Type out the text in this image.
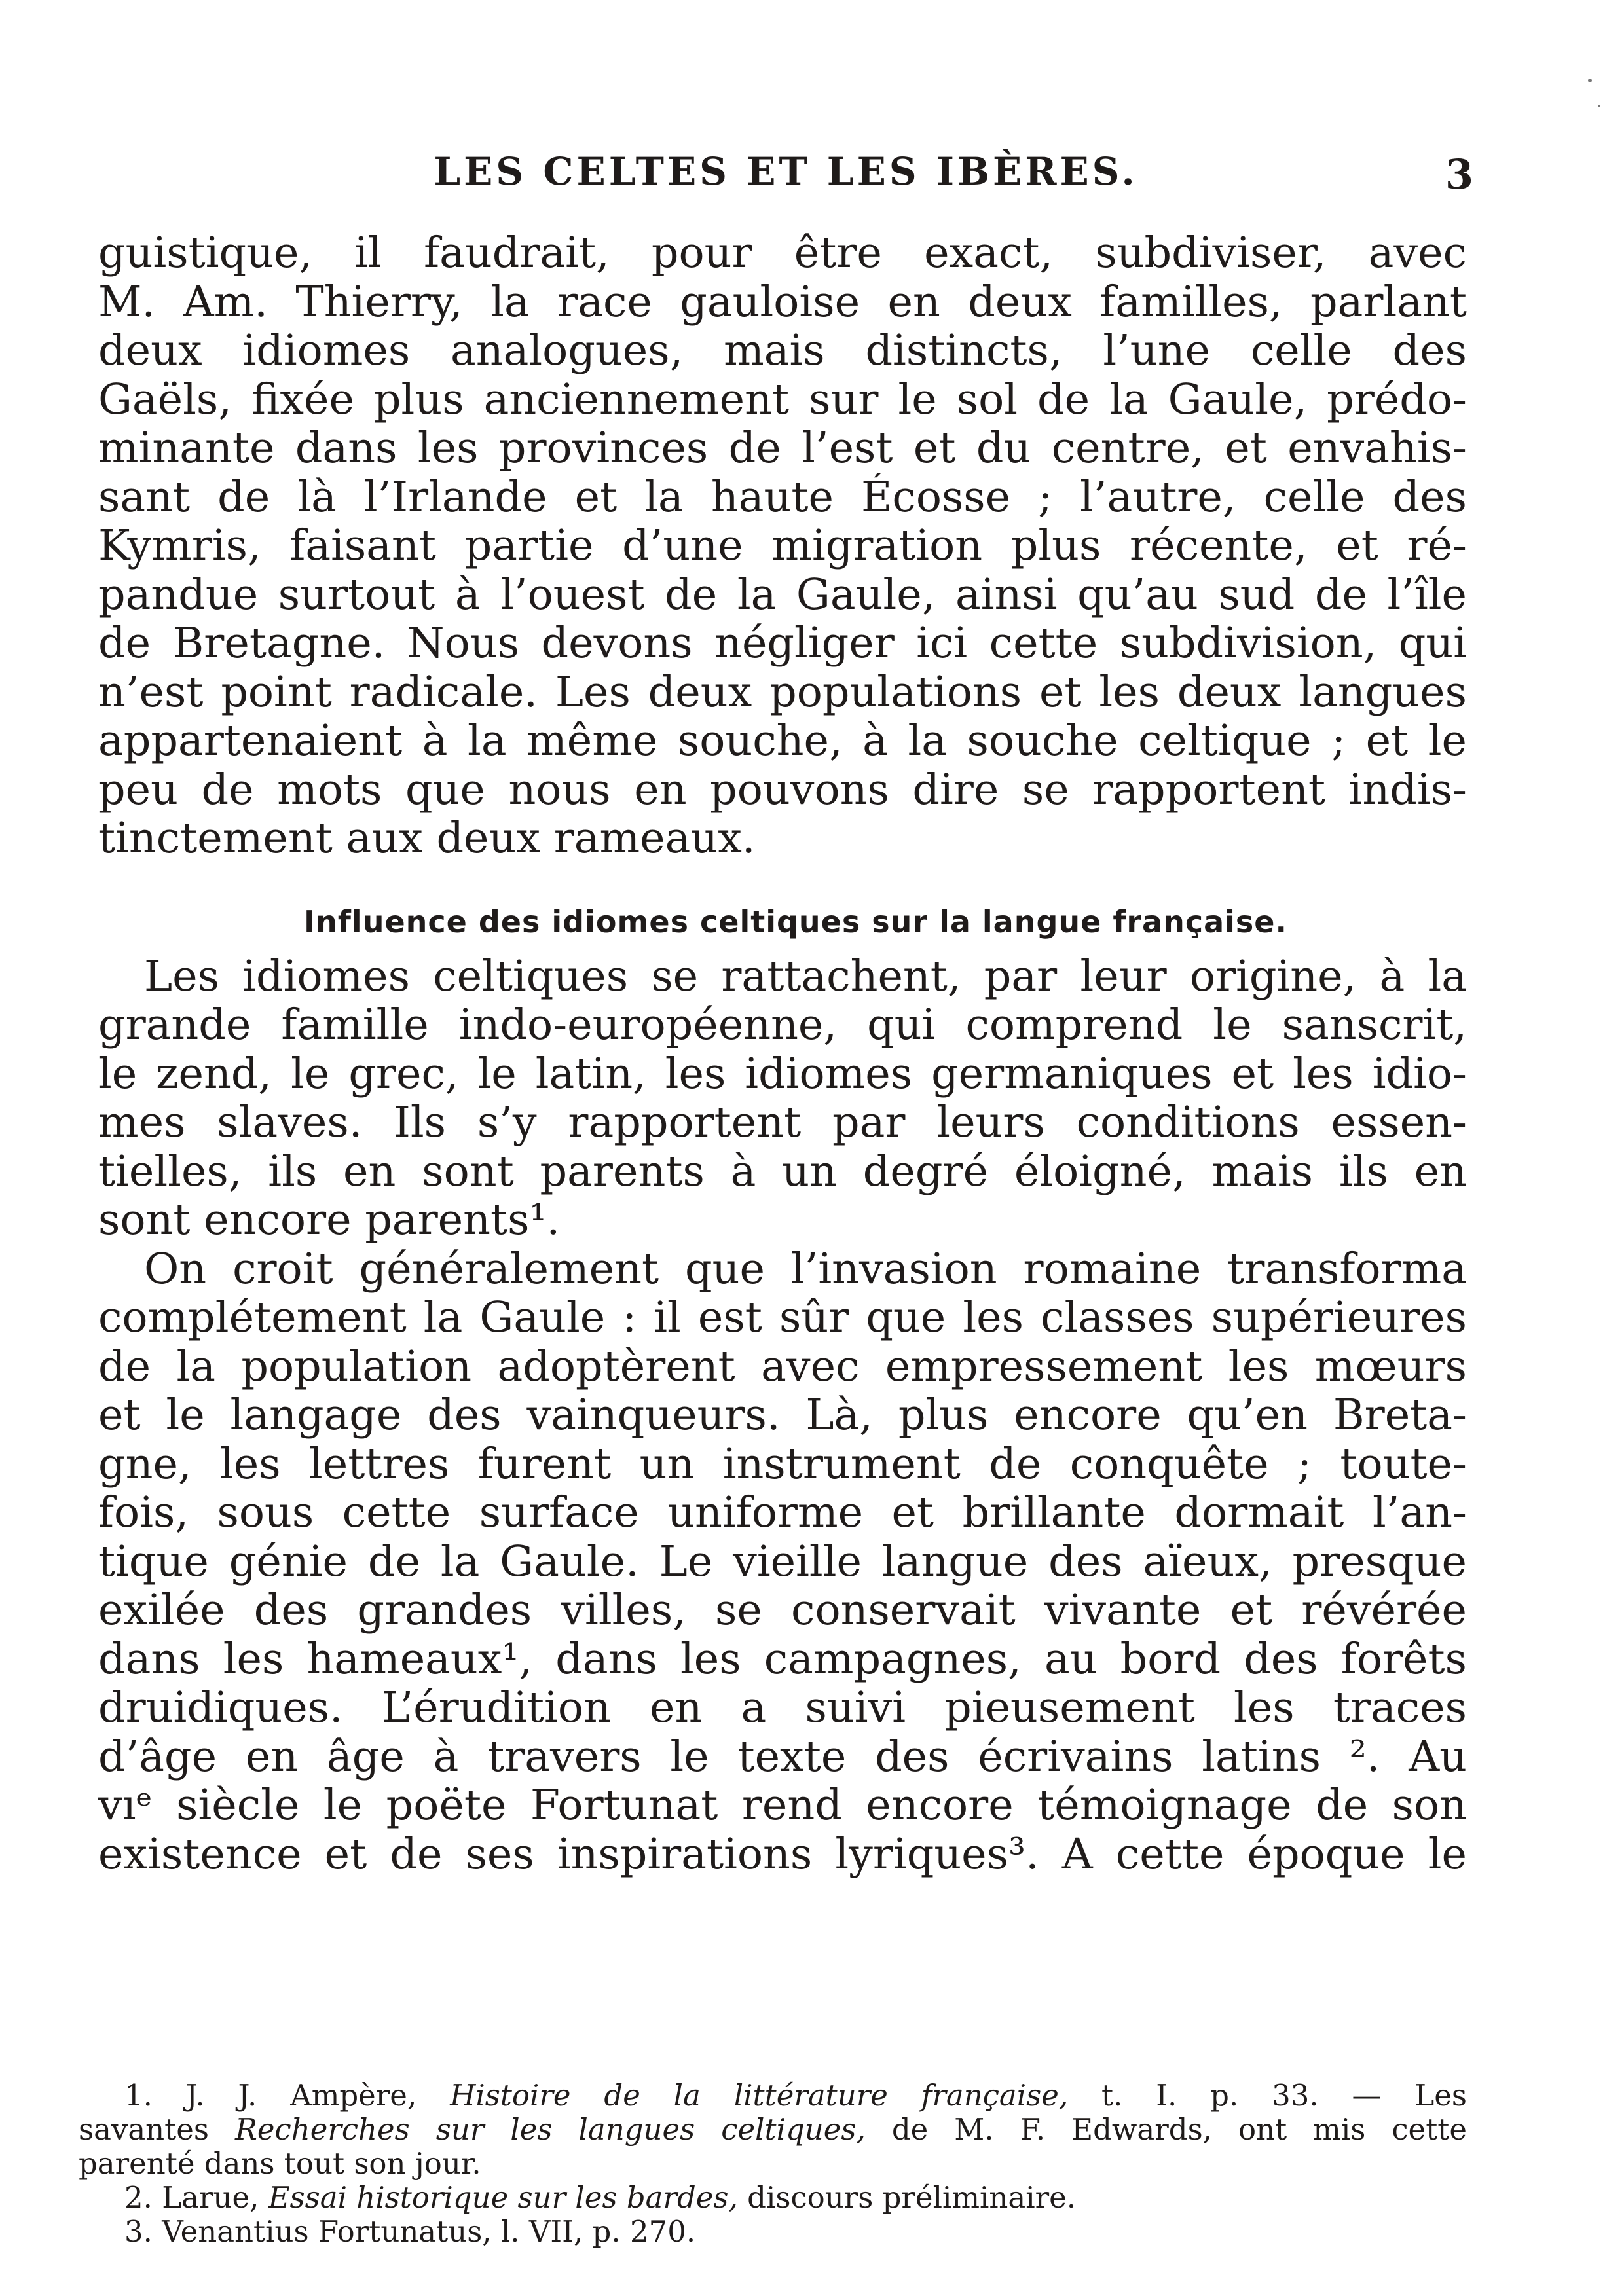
LES CELTES ET LES IBÈRES.	3
guistique, il faudrait, pour être exact, subdiviser, avec
M. Am. Thierry, la race gauloise en deux familles, parlant
deux idiomes analogues, mais distincts, l’une celle des
Gaëls, fixée plus anciennement sur le sol de la Gaule, prédo-
minante dans les provinces de l’est et du centre, et envahis-
sant de là l’Irlande et la haute Écosse ; l’autre, celle des
Kymris, faisant partie d’une migration plus récente, et ré-
pandue surtout à l’ouest de la Gaule, ainsi qu’au sud de l’île
de Bretagne. Nous devons négliger ici cette subdivision, qui
n’est point radicale. Les deux populations et les deux langues
appartenaient à la même souche, à la souche celtique ; et le
peu de mots que nous en pouvons dire se rapportent indis-
tinctement aux deux rameaux.
Influence des idiomes celtiques sur la langue française.
Les idiomes celtiques se rattachent, par leur origine, à la
grande famille indo-européenne, qui comprend le sanscrit,
le zend, le grec, le latin, les idiomes germaniques et les idio-
mes slaves. Ils s’y rapportent par leurs conditions essen-
tielles, ils en sont parents à un degré éloigné, mais ils en
sont encore parents¹.
On croit généralement que l’invasion romaine transforma
complétement la Gaule : il est sûr que les classes supérieures
de la population adoptèrent avec empressement les mœurs
et le langage des vainqueurs. Là, plus encore qu’en Breta-
gne, les lettres furent un instrument de conquête ; toute-
fois, sous cette surface uniforme et brillante dormait l’an-
tique génie de la Gaule. Le vieille langue des aïeux, presque
exilée des grandes villes, se conservait vivante et révérée
dans les hameaux¹, dans les campagnes, au bord des forêts
druidiques. L’érudition en a suivi pieusement les traces
d’âge en âge à travers le texte des écrivains latins ². Au
vıᵉ siècle le poëte Fortunat rend encore témoignage de son
existence et de ses inspirations lyriques³. A cette époque le
1. J. J. Ampère, Histoire de la littérature française, t. I. p. 33. — Les
savantes Recherches sur les langues celtiques, de M. F. Edwards, ont mis cette
parenté dans tout son jour.
2. Larue, Essai historique sur les bardes, discours préliminaire.
3. Venantius Fortunatus, l. VII, p. 270.
